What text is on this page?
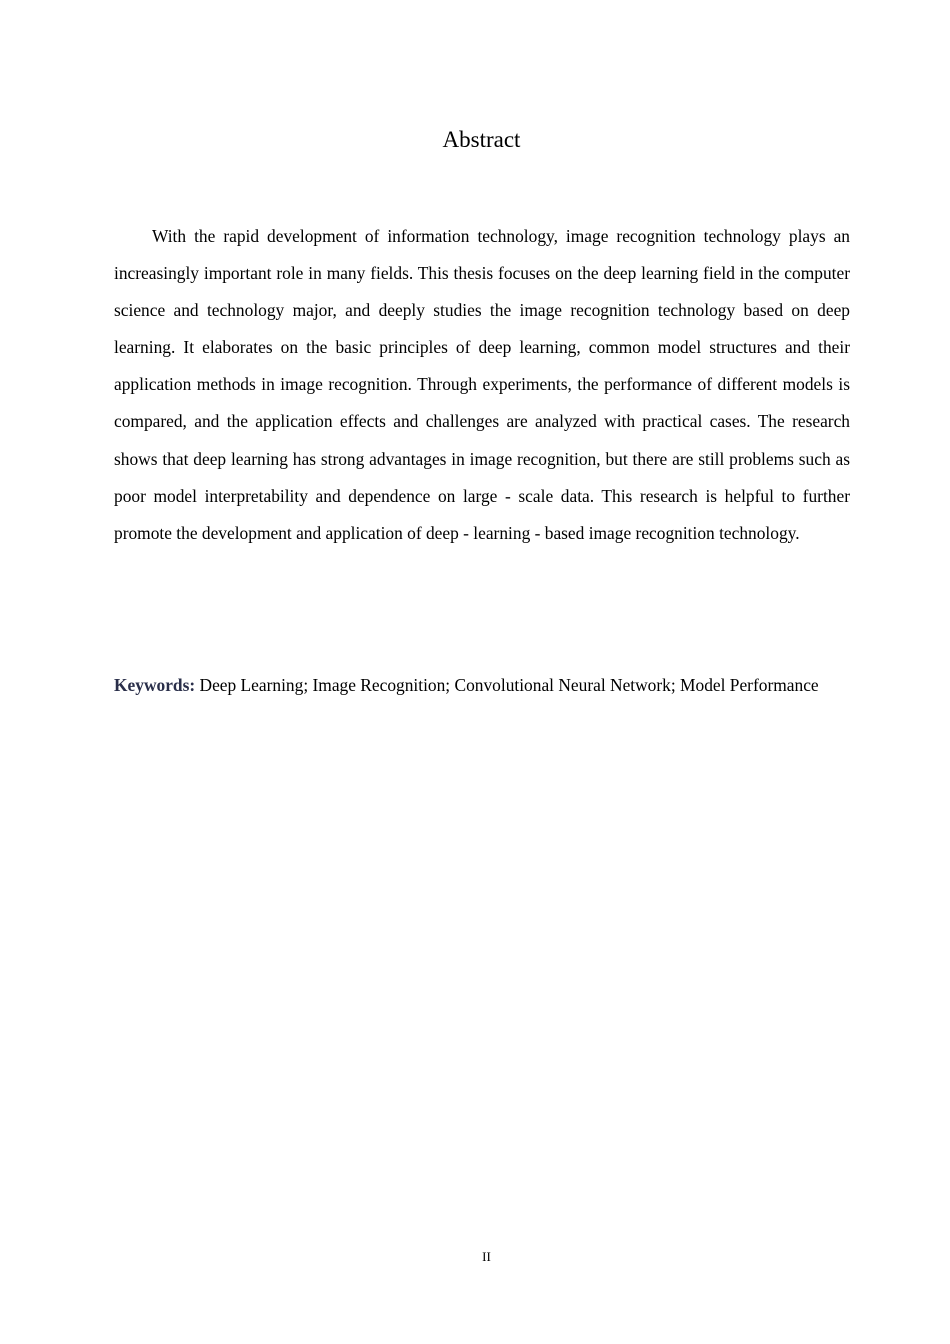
Abstract

With the rapid development of information technology, image recognition technology plays an increasingly important role in many fields. This thesis focuses on the deep learning field in the computer science and technology major, and deeply studies the image recognition technology based on deep learning. It elaborates on the basic principles of deep learning, common model structures and their application methods in image recognition. Through experiments, the performance of different models is compared, and the application effects and challenges are analyzed with practical cases. The research shows that deep learning has strong advantages in image recognition, but there are still problems such as poor model interpretability and dependence on large - scale data. This research is helpful to further promote the development and application of deep - learning - based image recognition technology.

Keywords: Deep Learning; Image Recognition; Convolutional Neural Network; Model Performance

II
